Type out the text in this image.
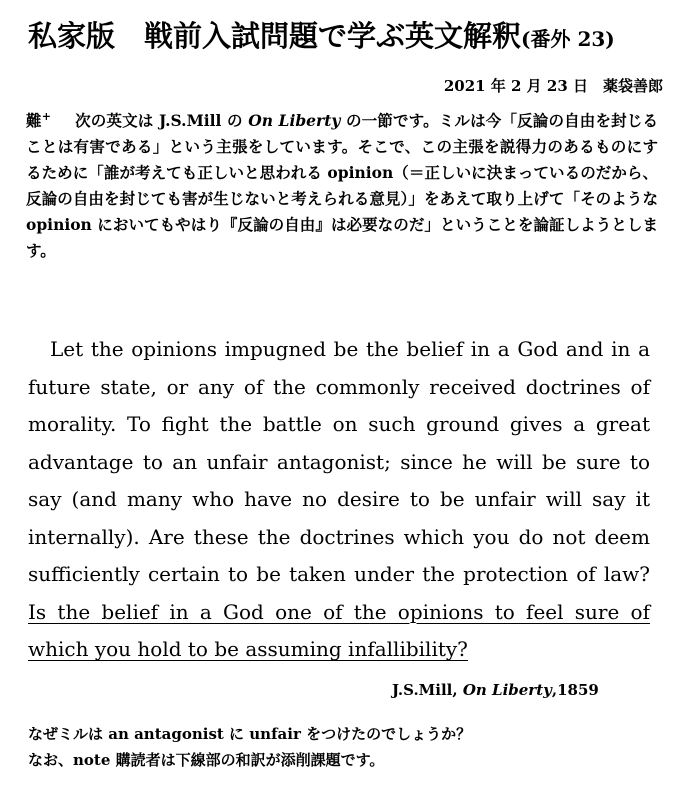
私家版　戦前入試問題で学ぶ英文解釈(番外 23)
2021 年 2 月 23 日　薬袋善郎
難+ 次の英文は J.S.Mill の On Liberty の一節です。ミルは今「反論の自由を封じることは有害である」という主張をしています。そこで、この主張を説得力のあるものにするために「誰が考えても正しいと思われる opinion（＝正しいに決まっているのだから、反論の自由を封じても害が生じないと考えられる意見）」をあえて取り上げて「そのような opinion においてもやはり『反論の自由』は必要なのだ」ということを論証しようとします。
Let the opinions impugned be the belief in a God and in a future state, or any of the commonly received doctrines of morality. To fight the battle on such ground gives a great advantage to an unfair antagonist; since he will be sure to say (and many who have no desire to be unfair will say it internally). Are these the doctrines which you do not deem sufficiently certain to be taken under the protection of law? Is the belief in a God one of the opinions to feel sure of which you hold to be assuming infallibility?
J.S.Mill, On Liberty,1859
なぜミルは an antagonist に unfair をつけたのでしょうか？
なお、note 購読者は下線部の和訳が添削課題です。
